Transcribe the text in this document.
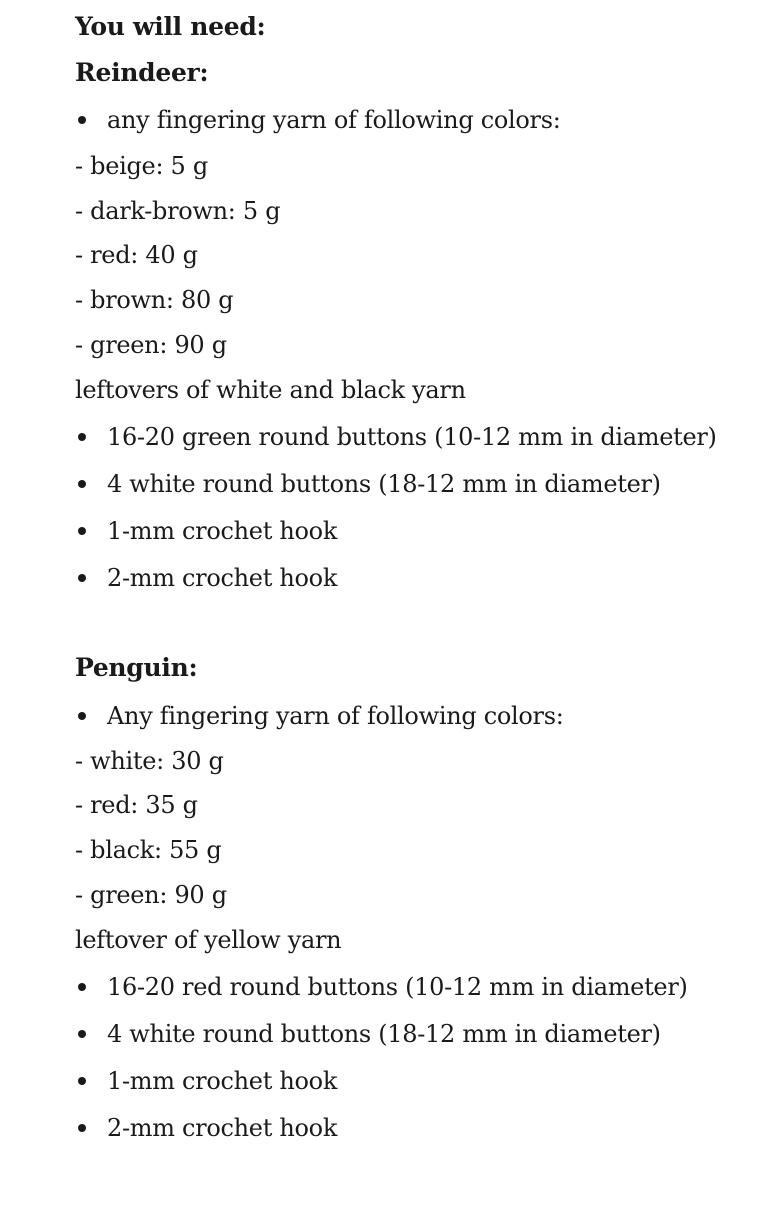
You will need:
Reindeer:
any fingering yarn of following colors:
- beige: 5 g
- dark-brown: 5 g
- red: 40 g
- brown: 80 g
- green: 90 g
leftovers of white and black yarn
16-20 green round buttons (10-12 mm in diameter)
4 white round buttons (18-12 mm in diameter)
1-mm crochet hook
2-mm crochet hook
Penguin:
Any fingering yarn of following colors:
- white: 30 g
- red: 35 g
- black: 55 g
- green: 90 g
leftover of yellow yarn
16-20 red round buttons (10-12 mm in diameter)
4 white round buttons (18-12 mm in diameter)
1-mm crochet hook
2-mm crochet hook
